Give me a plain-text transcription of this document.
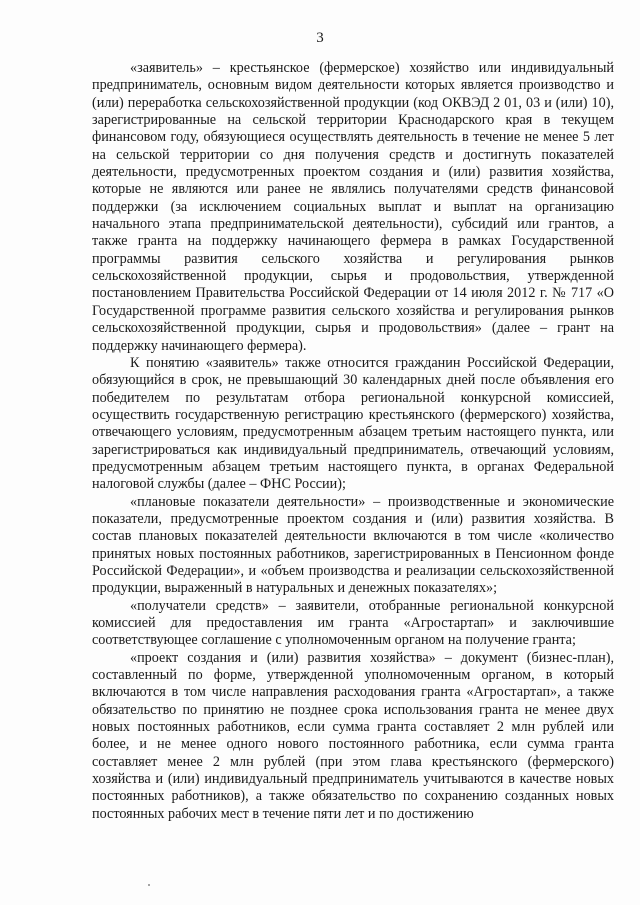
3

«заявитель» – крестьянское (фермерское) хозяйство или индивидуальный предприниматель, основным видом деятельности которых является производство и (или) переработка сельскохозяйственной продукции (код ОКВЭД 2 01, 03 и (или) 10), зарегистрированные на сельской территории Краснодарского края в текущем финансовом году, обязующиеся осуществлять деятельность в течение не менее 5 лет на сельской территории со дня получения средств и достигнуть показателей деятельности, предусмотренных проектом создания и (или) развития хозяйства, которые не являются или ранее не являлись получателями средств финансовой поддержки (за исключением социальных выплат и выплат на организацию начального этапа предпринимательской деятельности), субсидий или грантов, а также гранта на поддержку начинающего фермера в рамках Государственной программы развития сельского хозяйства и регулирования рынков сельскохозяйственной продукции, сырья и продовольствия, утвержденной постановлением Правительства Российской Федерации от 14 июля 2012 г. № 717 «О Государственной программе развития сельского хозяйства и регулирования рынков сельскохозяйственной продукции, сырья и продовольствия» (далее – грант на поддержку начинающего фермера).

К понятию «заявитель» также относится гражданин Российской Федерации, обязующийся в срок, не превышающий 30 календарных дней после объявления его победителем по результатам отбора региональной конкурсной комиссией, осуществить государственную регистрацию крестьянского (фермерского) хозяйства, отвечающего условиям, предусмотренным абзацем третьим настоящего пункта, или зарегистрироваться как индивидуальный предприниматель, отвечающий условиям, предусмотренным абзацем третьим настоящего пункта, в органах Федеральной налоговой службы (далее – ФНС России);

«плановые показатели деятельности» – производственные и экономические показатели, предусмотренные проектом создания и (или) развития хозяйства. В состав плановых показателей деятельности включаются в том числе «количество принятых новых постоянных работников, зарегистрированных в Пенсионном фонде Российской Федерации», и «объем производства и реализации сельскохозяйственной продукции, выраженный в натуральных и денежных показателях»;

«получатели средств» – заявители, отобранные региональной конкурсной комиссией для предоставления им гранта «Агростартап» и заключившие соответствующее соглашение с уполномоченным органом на получение гранта;

«проект создания и (или) развития хозяйства» – документ (бизнес-план), составленный по форме, утвержденной уполномоченным органом, в который включаются в том числе направления расходования гранта «Агростартап», а также обязательство по принятию не позднее срока использования гранта не менее двух новых постоянных работников, если сумма гранта составляет 2 млн рублей или более, и не менее одного нового постоянного работника, если сумма гранта составляет менее 2 млн рублей (при этом глава крестьянского (фермерского) хозяйства и (или) индивидуальный предприниматель учитываются в качестве новых постоянных работников), а также обязательство по сохранению созданных новых постоянных рабочих мест в течение пяти лет и по достижению
